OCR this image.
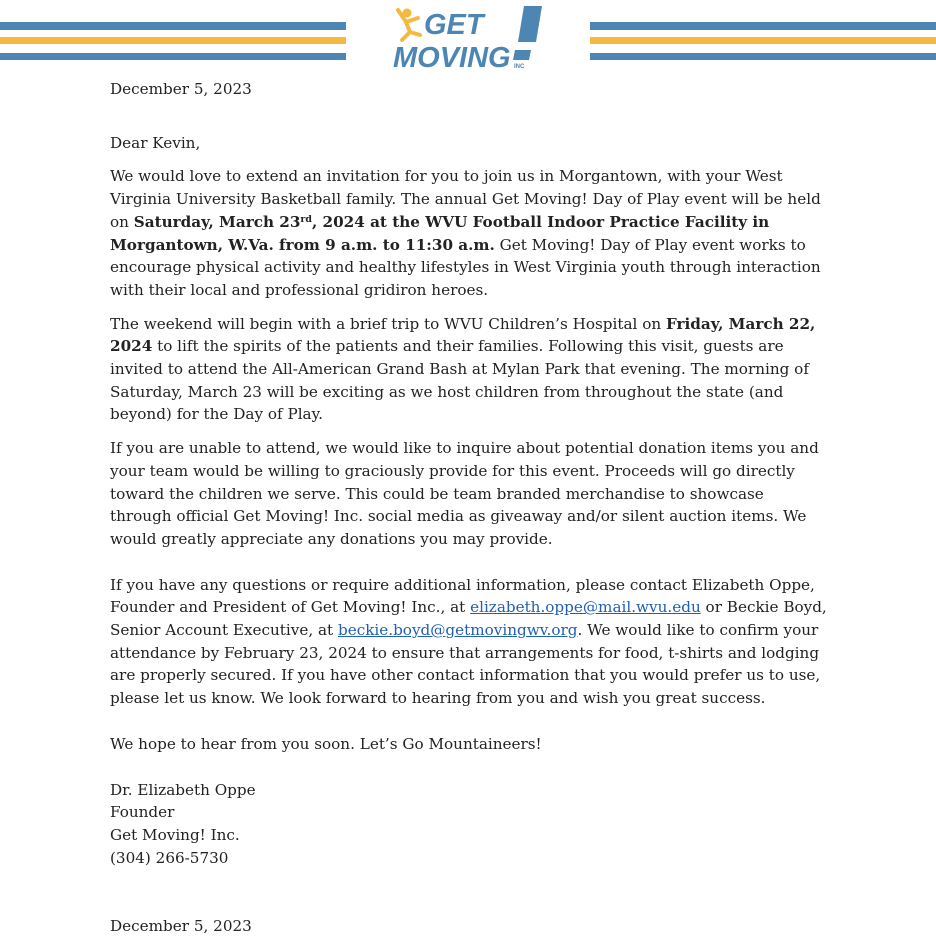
GET
MOVING INC

December 5, 2023

Dear Kevin,

We would love to extend an invitation for you to join us in Morgantown, with your West Virginia University Basketball family. The annual Get Moving! Day of Play event will be held on Saturday, March 23rd, 2024 at the WVU Football Indoor Practice Facility in Morgantown, W.Va. from 9 a.m. to 11:30 a.m. Get Moving! Day of Play event works to encourage physical activity and healthy lifestyles in West Virginia youth through interaction with their local and professional gridiron heroes.

The weekend will begin with a brief trip to WVU Children’s Hospital on Friday, March 22, 2024 to lift the spirits of the patients and their families. Following this visit, guests are invited to attend the All-American Grand Bash at Mylan Park that evening. The morning of Saturday, March 23 will be exciting as we host children from throughout the state (and beyond) for the Day of Play.

If you are unable to attend, we would like to inquire about potential donation items you and your team would be willing to graciously provide for this event. Proceeds will go directly toward the children we serve. This could be team branded merchandise to showcase through official Get Moving! Inc. social media as giveaway and/or silent auction items. We would greatly appreciate any donations you may provide.

If you have any questions or require additional information, please contact Elizabeth Oppe, Founder and President of Get Moving! Inc., at elizabeth.oppe@mail.wvu.edu or Beckie Boyd, Senior Account Executive, at beckie.boyd@getmovingwv.org. We would like to confirm your attendance by February 23, 2024 to ensure that arrangements for food, t-shirts and lodging are properly secured. If you have other contact information that you would prefer us to use, please let us know. We look forward to hearing from you and wish you great success.

We hope to hear from you soon. Let’s Go Mountaineers!

Dr. Elizabeth Oppe
Founder
Get Moving! Inc.
(304) 266-5730

December 5, 2023
